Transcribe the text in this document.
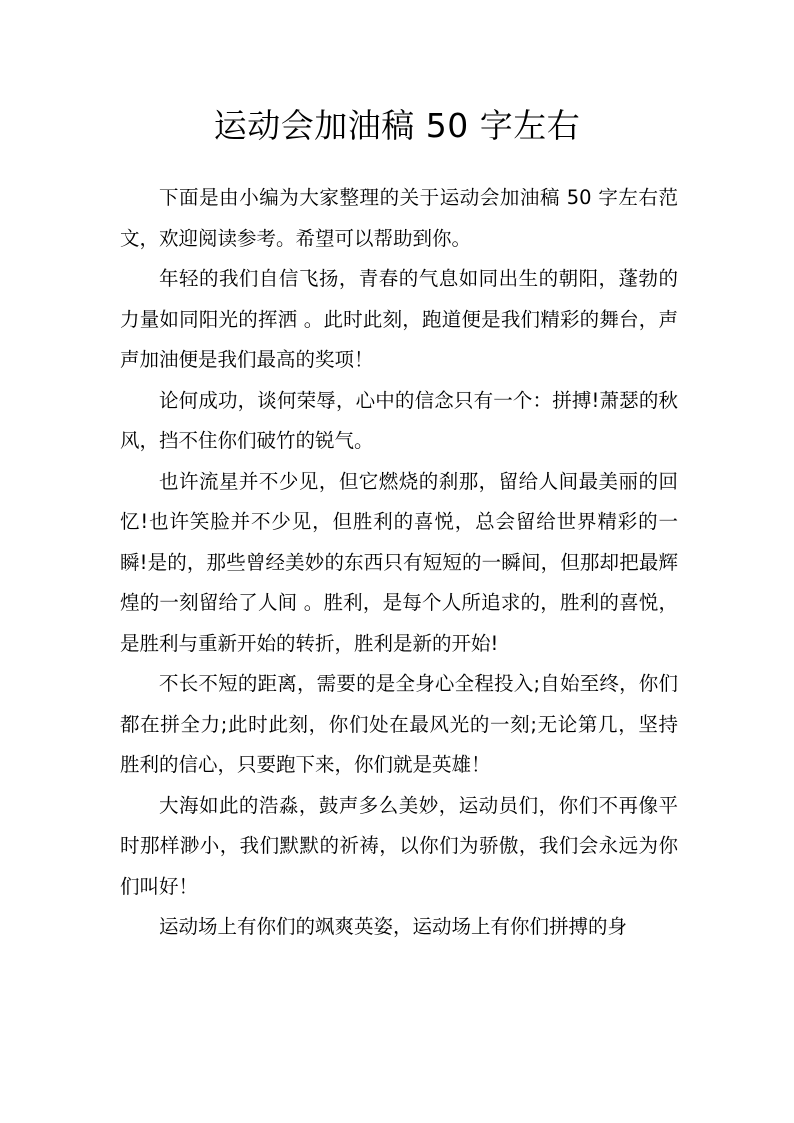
运动会加油稿 50 字左右

下面是由小编为大家整理的关于运动会加油稿 50 字左右范文，欢迎阅读参考。希望可以帮助到你。

年轻的我们自信飞扬，青春的气息如同出生的朝阳，蓬勃的力量如同阳光的挥洒 。此时此刻，跑道便是我们精彩的舞台，声声加油便是我们最高的奖项！

论何成功，谈何荣辱，心中的信念只有一个：拼搏!萧瑟的秋风，挡不住你们破竹的锐气。

也许流星并不少见，但它燃烧的刹那，留给人间最美丽的回忆!也许笑脸并不少见，但胜利的喜悦，总会留给世界精彩的一瞬!是的，那些曾经美妙的东西只有短短的一瞬间，但那却把最辉煌的一刻留给了人间 。胜利，是每个人所追求的，胜利的喜悦，是胜利与重新开始的转折，胜利是新的开始!

不长不短的距离，需要的是全身心全程投入;自始至终，你们都在拼全力;此时此刻，你们处在最风光的一刻;无论第几，坚持胜利的信心，只要跑下来，你们就是英雄！

大海如此的浩淼，鼓声多么美妙，运动员们，你们不再像平时那样渺小，我们默默的祈祷，以你们为骄傲，我们会永远为你们叫好！

运动场上有你们的飒爽英姿，运动场上有你们拼搏的身
